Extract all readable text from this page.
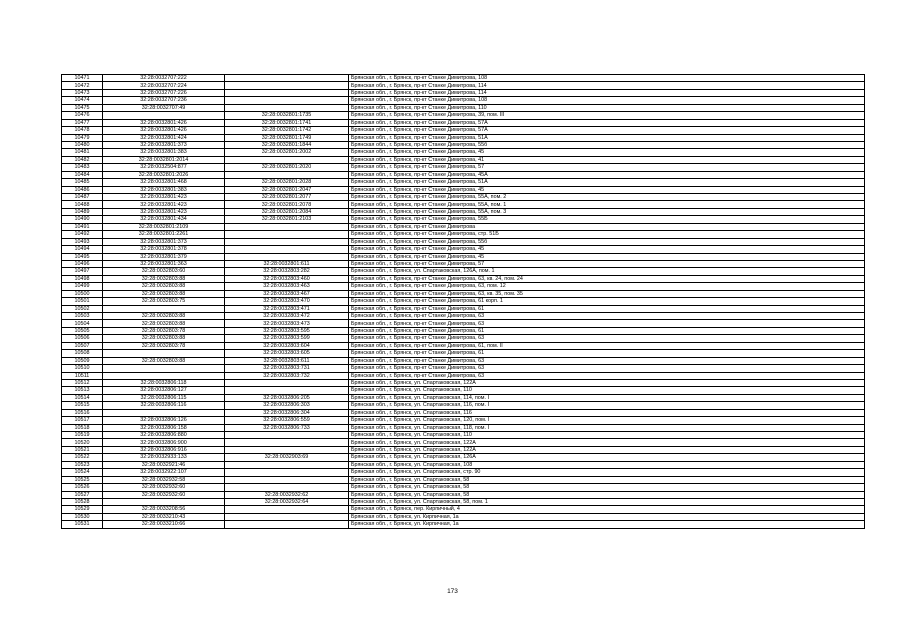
10471	32:28:0032707:222		Брянская обл., г. Брянск, пр-кт Станке Димитрова, 108
10472	32:28:0032707:224		Брянская обл., г. Брянск, пр-кт Станке Димитрова, 114
10473	32:28:0032707:226		Брянская обл., г. Брянск, пр-кт Станке Димитрова, 114
10474	32:28:0032707:236		Брянская обл., г. Брянск, пр-кт Станке Димитрова, 108
10475	32:28:0032707:49		Брянская обл., г. Брянск, пр-кт Станке Димитрова, 110
10476		32:28:0032801:1735	Брянская обл., г. Брянск, пр-кт Станке Димитрова, 39, пом. III
10477	32:28:0032801:426	32:28:0032801:1741	Брянская обл., г. Брянск, пр-кт Станке Димитрова, 57А
10478	32:28:0032801:426	32:28:0032801:1742	Брянская обл., г. Брянск, пр-кт Станке Димитрова, 57А
10479	32:28:0032801:424	32:28:0032801:1749	Брянская обл., г. Брянск, пр-кт Станке Димитрова, 51А
10480	32:28:0032801:373	32:28:0032801:1844	Брянская обл., г. Брянск, пр-кт Станке Димитрова, 55б
10481	32:28:0032801:383	32:28:0032801:2002	Брянская обл., г. Брянск, пр-кт Станке Димитрова, 45
10482	32:28:0032801:2014		Брянская обл., г. Брянск, пр-кт Станке Димитрова, 41
10483	32:28:0032504:877	32:28:0032801:2020	Брянская обл., г. Брянск, пр-кт Станке Димитрова, 57
10484	32:28:0032801:2026		Брянская обл., г. Брянск, пр-кт Станке Димитрова, 45А
10485	32:28:0032801:468	32:28:0032801:2028	Брянская обл., г. Брянск, пр-кт Станке Димитрова, 51А
10486	32:28:0032801:383	32:28:0032801:2047	Брянская обл., г. Брянск, пр-кт Станке Димитрова, 45
10487	32:28:0032801:423	32:28:0032801:2077	Брянская обл., г. Брянск, пр-кт Станке Димитрова, 55А, пом. 2
10488	32:28:0032801:423	32:28:0032801:2078	Брянская обл., г. Брянск, пр-кт Станке Димитрова, 55А, пом. 1
10489	32:28:0032801:423	32:28:0032801:2084	Брянская обл., г. Брянск, пр-кт Станке Димитрова, 55А, пом. 3
10490	32:28:0032801:434	32:28:0032801:2103	Брянская обл., г. Брянск, пр-кт Станке Димитрова, 55Б
10491	32:28:0032801:2109		Брянская обл., г. Брянск, пр-кт Станке Димитрова
10492	32:28:0032801:2261		Брянская обл., г. Брянск, пр-кт Станке Димитрова, стр. 51Б
10493	32:28:0032801:373		Брянская обл., г. Брянск, пр-кт Станке Димитрова, 55б
10494	32:28:0032801:378		Брянская обл., г. Брянск, пр-кт Станке Димитрова, 45
10495	32:28:0032801:379		Брянская обл., г. Брянск, пр-кт Станке Димитрова, 45
10496	32:28:0032801:363	32:28:0032801:611	Брянская обл., г. Брянск, пр-кт Станке Димитрова, 57
10497	32:28:0032803:60	32:28:0032803:282	Брянская обл., г. Брянск, ул. Спартаковская, 126А, пом. 1
10498	32:28:0032803:88	32:28:0032803:460	Брянская обл., г. Брянск, пр-кт Станке Димитрова, 63, кв. 24, пом. 24
10499	32:28:0032803:88	32:28:0032803:463	Брянская обл., г. Брянск, пр-кт Станке Димитрова, 63, пом. 12
10500	32:28:0032803:88	32:28:0032803:467	Брянская обл., г. Брянск, пр-кт Станке Димитрова, 63, кв. 35, пом. 35
10501	32:28:0032803:75	32:28:0032803:470	Брянская обл., г. Брянск, пр-кт Станке Димитрова, 61 корп. 1
10502		32:28:0032803:471	Брянская обл., г. Брянск, пр-кт Станке Димитрова, 61
10503	32:28:0032803:88	32:28:0032803:472	Брянская обл., г. Брянск, пр-кт Станке Димитрова, 63
10504	32:28:0032803:88	32:28:0032803:473	Брянская обл., г. Брянск, пр-кт Станке Димитрова, 63
10505	32:28:0032803:78	32:28:0032803:595	Брянская обл., г. Брянск, пр-кт Станке Димитрова, 61
10506	32:28:0032803:88	32:28:0032803:599	Брянская обл., г. Брянск, пр-кт Станке Димитрова, 63
10507	32:28:0032803:78	32:28:0032803:604	Брянская обл., г. Брянск, пр-кт Станке Димитрова, 61, пом. II
10508		32:28:0032803:605	Брянская обл., г. Брянск, пр-кт Станке Димитрова, 61
10509	32:28:0032803:88	32:28:0032803:611	Брянская обл., г. Брянск, пр-кт Станке Димитрова, 63
10510		32:28:0032803:731	Брянская обл., г. Брянск, пр-кт Станке Димитрова, 63
10511		32:28:0032803:732	Брянская обл., г. Брянск, пр-кт Станке Димитрова, 63
10512	32:28:0032806:118		Брянская обл., г. Брянск, ул. Спартаковская, 122А
10513	32:28:0032806:127		Брянская обл., г. Брянск, ул. Спартаковская, 110
10514	32:28:0032806:115	32:28:0032806:205	Брянская обл., г. Брянск, ул. Спартаковская, 114, пом. I
10515	32:28:0032806:116	32:28:0032806:303	Брянская обл., г. Брянск, ул. Спартаковская, 116, пом. I
10516		32:28:0032806:304	Брянская обл., г. Брянск, ул. Спартаковская, 116
10517	32:28:0032806:126	32:28:0032806:559	Брянская обл., г. Брянск, ул. Спартаковская, 120, пом. I
10518	32:28:0032806:158	32:28:0032806:733	Брянская обл., г. Брянск, ул. Спартаковская, 118, пом. I
10519	32:28:0032806:880		Брянская обл., г. Брянск, ул. Спартаковская, 110
10520	32:28:0032806:900		Брянская обл., г. Брянск, ул. Спартаковская, 122А
10521	32:28:0032806:916		Брянская обл., г. Брянск, ул. Спартаковская, 122А
10522	32:28:0032933:133	32:28:0032903:69	Брянская обл., г. Брянск, ул. Спартаковская, 126А
10523	32:28:0032921:46		Брянская обл., г. Брянск, ул. Спартаковская, 108
10524	32:28:0032922:107		Брянская обл., г. Брянск, ул. Спартаковская, стр. 90
10525	32:28:0032932:58		Брянская обл., г. Брянск, ул. Спартаковская, 58
10526	32:28:0032932:60		Брянская обл., г. Брянск, ул. Спартаковская, 58
10527	32:28:0032932:60	32:28:0032932:62	Брянская обл., г. Брянск, ул. Спартаковская, 58
10528		32:28:0032932:64	Брянская обл., г. Брянск, ул. Спартаковская, 58, пом. 1
10529	32:28:0033208:56		Брянская обл., г. Брянск, пер. Кирпичный, 4
10530	32:28:0033210:43		Брянская обл., г. Брянск, ул. Кирпичная, 1а
10531	32:28:0033210:66		Брянская обл., г. Брянск, ул. Кирпичная, 1а
173
